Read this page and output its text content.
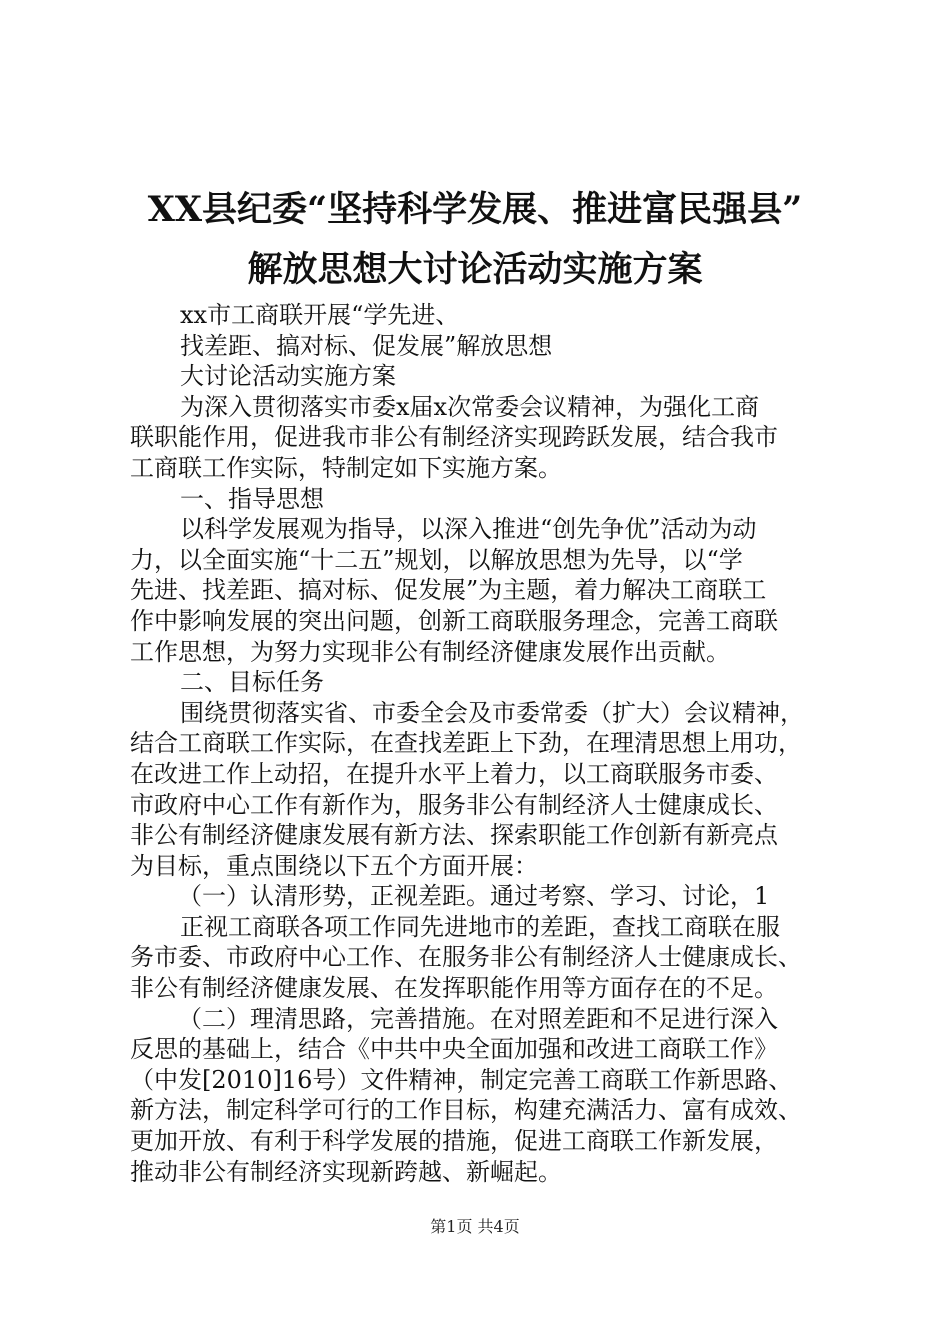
XX县纪委“坚持科学发展、推进富民强县”
解放思想大讨论活动实施方案
xx市工商联开展“学先进、
找差距、搞对标、促发展”解放思想
大讨论活动实施方案
为深入贯彻落实市委x届x次常委会议精神，为强化工商
联职能作用，促进我市非公有制经济实现跨跃发展，结合我市
工商联工作实际，特制定如下实施方案。
一、指导思想
以科学发展观为指导，以深入推进“创先争优”活动为动
力，以全面实施“十二五”规划，以解放思想为先导，以“学
先进、找差距、搞对标、促发展”为主题，着力解决工商联工
作中影响发展的突出问题，创新工商联服务理念，完善工商联
工作思想，为努力实现非公有制经济健康发展作出贡献。
二、目标任务
围绕贯彻落实省、市委全会及市委常委（扩大）会议精神，
结合工商联工作实际，在查找差距上下劲，在理清思想上用功，
在改进工作上动招，在提升水平上着力，以工商联服务市委、
市政府中心工作有新作为，服务非公有制经济人士健康成长、
非公有制经济健康发展有新方法、探索职能工作创新有新亮点
为目标，重点围绕以下五个方面开展：
（一）认清形势，正视差距。通过考察、学习、讨论，1
正视工商联各项工作同先进地市的差距，查找工商联在服
务市委、市政府中心工作、在服务非公有制经济人士健康成长、
非公有制经济健康发展、在发挥职能作用等方面存在的不足。
（二）理清思路，完善措施。在对照差距和不足进行深入
反思的基础上，结合《中共中央全面加强和改进工商联工作》
（中发[2010]16号）文件精神，制定完善工商联工作新思路、
新方法，制定科学可行的工作目标，构建充满活力、富有成效、
更加开放、有利于科学发展的措施，促进工商联工作新发展，
推动非公有制经济实现新跨越、新崛起。
第1页 共4页
